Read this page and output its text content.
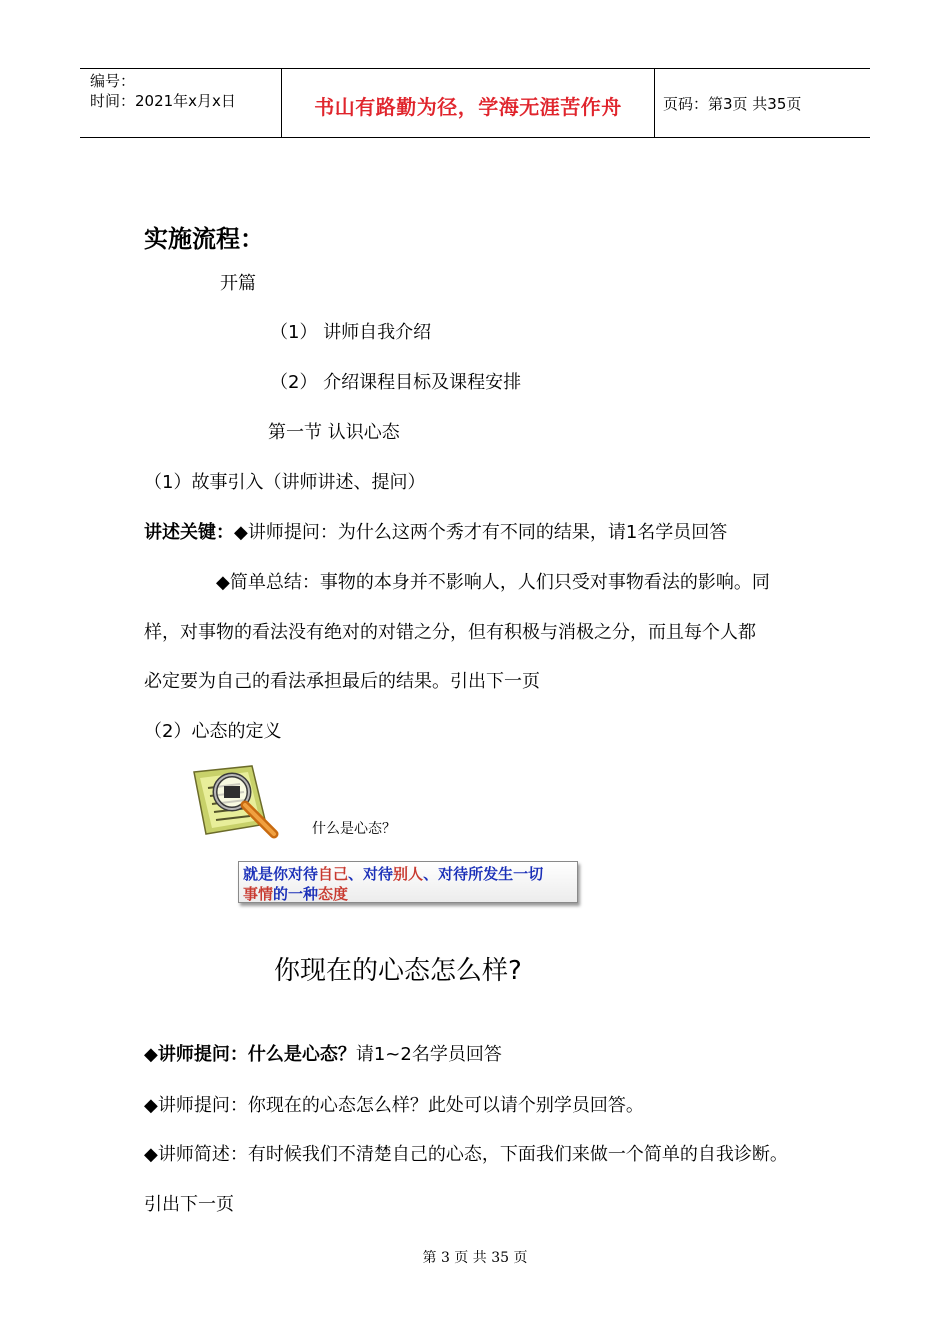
编号：
时间：2021年x月x日	书山有路勤为径，学海无涯苦作舟	页码：第3页 共35页
实施流程：
开篇
（1） 讲师自我介绍
（2） 介绍课程目标及课程安排
第一节 认识心态
（1）故事引入（讲师讲述、提问）
讲述关键：◆讲师提问：为什么这两个秀才有不同的结果，请1名学员回答
◆简单总结：事物的本身并不影响人，人们只受对事物看法的影响。同
样，对事物的看法没有绝对的对错之分，但有积极与消极之分，而且每个人都
必定要为自己的看法承担最后的结果。引出下一页
（2）心态的定义
什么是心态？
就是你对待自己、对待别人、对待所发生一切
事情的一种态度
你现在的心态怎么样?
◆讲师提问：什么是心态？请1~2名学员回答
◆讲师提问：你现在的心态怎么样？此处可以请个别学员回答。
◆讲师简述：有时候我们不清楚自己的心态，下面我们来做一个简单的自我诊断。
引出下一页
第 3 页 共 35 页
